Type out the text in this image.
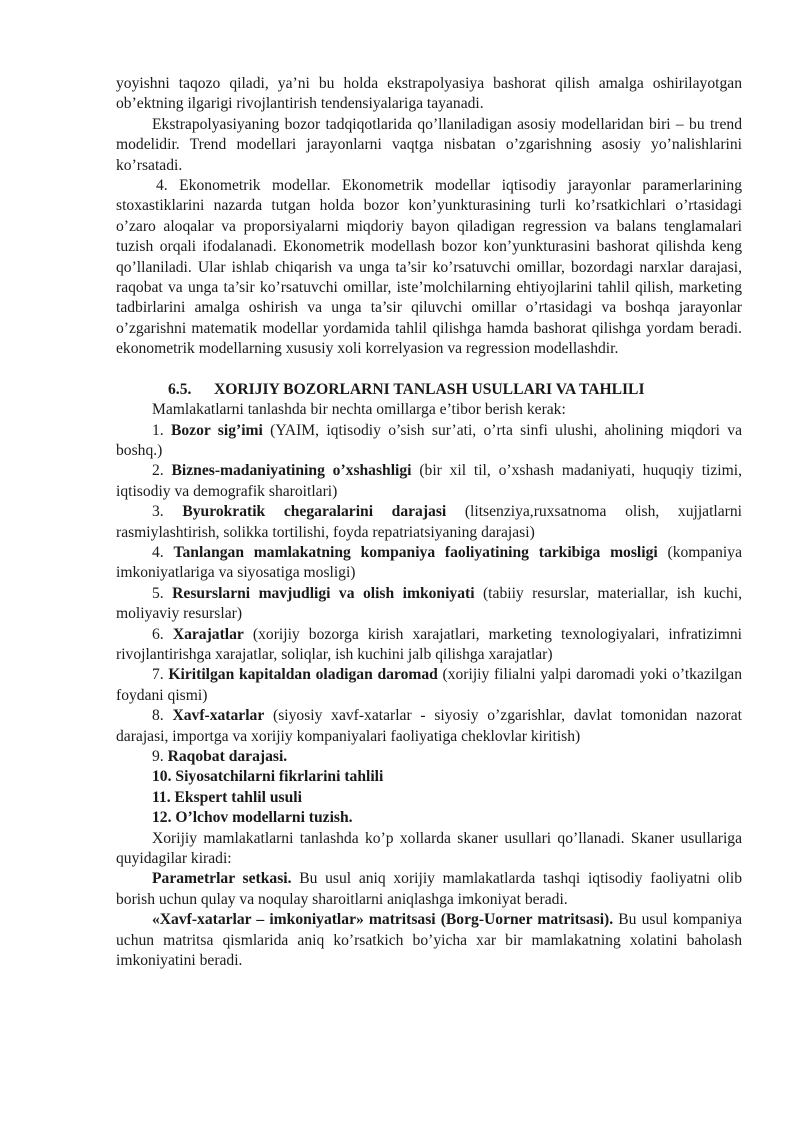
yoyishni taqozo qiladi, ya’ni bu holda ekstrapolyasiya bashorat qilish amalga oshirilayotgan ob’ektning ilgarigi rivojlantirish tendensiyalariga tayanadi.

Ekstrapolyasiyaning bozor tadqiqotlarida qo’llaniladigan asosiy modellaridan biri – bu trend modelidir. Trend modellari jarayonlarni vaqtga nisbatan o’zgarishning asosiy yo’nalishlarini ko’rsatadi.

4. Ekonometrik modellar. Ekonometrik modellar iqtisodiy jarayonlar paramerlarining stoxastiklarini nazarda tutgan holda bozor kon’yunkturasining turli ko’rsatkichlari o’rtasidagi o’zaro aloqalar va proporsiyalarni miqdoriy bayon qiladigan regression va balans tenglamalari tuzish orqali ifodalanadi. Ekonometrik modellash bozor kon’yunkturasini bashorat qilishda keng qo’llaniladi. Ular ishlab chiqarish va unga ta’sir ko’rsatuvchi omillar, bozordagi narxlar darajasi, raqobat va unga ta’sir ko’rsatuvchi omillar, iste’molchilarning ehtiyojlarini tahlil qilish, marketing tadbirlarini amalga oshirish va unga ta’sir qiluvchi omillar o’rtasidagi va boshqa jarayonlar o’zgarishni matematik modellar yordamida tahlil qilishga hamda bashorat qilishga yordam beradi. ekonometrik modellarning xususiy xoli korrelyasion va regression modellashdir.

6.5. XORIJIY BOZORLARNI TANLASH USULLARI VA TAHLILI

Mamlakatlarni tanlashda bir nechta omillarga e’tibor berish kerak:

1. Bozor sig’imi (YAIM, iqtisodiy o’sish sur’ati, o’rta sinfi ulushi, aholining miqdori va boshq.)

2. Biznes-madaniyatining o’xshashligi (bir xil til, o’xshash madaniyati, huquqiy tizimi, iqtisodiy va demografik sharoitlari)

3. Byurokratik chegaralarini darajasi (litsenziya,ruxsatnoma olish, xujjatlarni rasmiylashtirish, solikka tortilishi, foyda repatriatsiyaning darajasi)

4. Tanlangan mamlakatning kompaniya faoliyatining tarkibiga mosligi (kompaniya imkoniyatlariga va siyosatiga mosligi)

5. Resurslarni mavjudligi va olish imkoniyati (tabiiy resurslar, materiallar, ish kuchi, moliyaviy resurslar)

6. Xarajatlar (xorijiy bozorga kirish xarajatlari, marketing texnologiyalari, infratizimni rivojlantirishga xarajatlar, soliqlar, ish kuchini jalb qilishga xarajatlar)

7. Kiritilgan kapitaldan oladigan daromad (xorijiy filialni yalpi daromadi yoki o’tkazilgan foydani qismi)

8. Xavf-xatarlar (siyosiy xavf-xatarlar - siyosiy o’zgarishlar, davlat tomonidan nazorat darajasi, importga va xorijiy kompaniyalari faoliyatiga cheklovlar kiritish)

9. Raqobat darajasi.

10. Siyosatchilarni fikrlarini tahlili

11. Ekspert tahlil usuli

12. O’lchov modellarni tuzish.

Xorijiy mamlakatlarni tanlashda ko’p xollarda skaner usullari qo’llanadi. Skaner usullariga quyidagilar kiradi:

Parametrlar setkasi. Bu usul aniq xorijiy mamlakatlarda tashqi iqtisodiy faoliyatni olib borish uchun qulay va noqulay sharoitlarni aniqlashga imkoniyat beradi.

«Xavf-xatarlar – imkoniyatlar» matritsasi (Borg-Uorner matritsasi). Bu usul kompaniya uchun matritsa qismlarida aniq ko’rsatkich bo’yicha xar bir mamlakatning xolatini baholash imkoniyatini beradi.
